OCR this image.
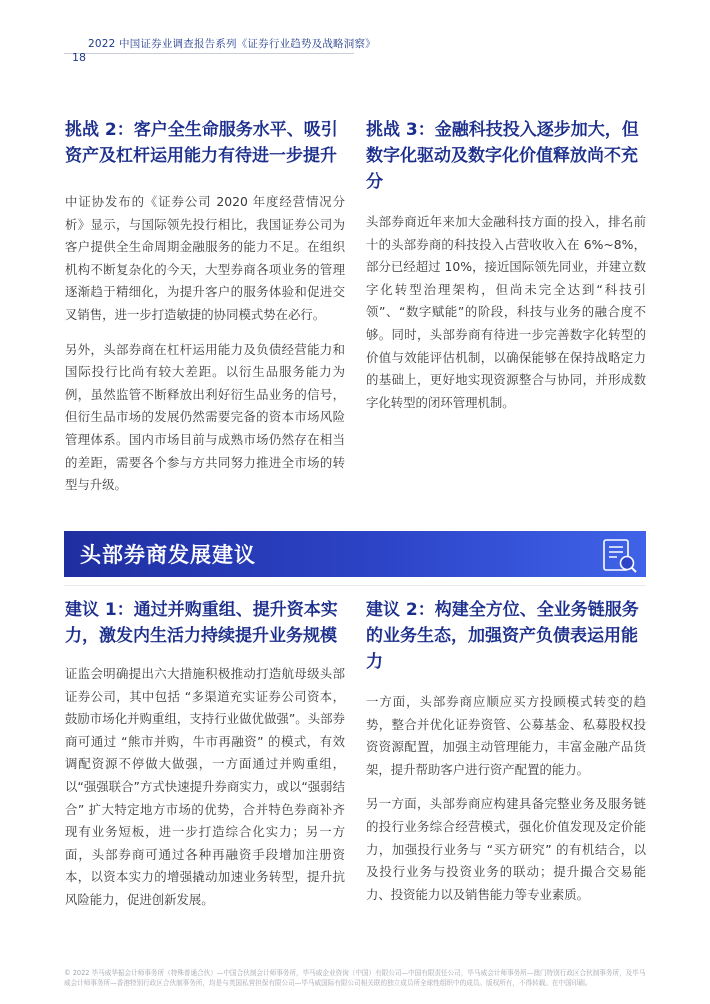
2022 中国证券业调查报告系列《证券行业趋势及战略洞察》
18
挑战 2：客户全生命服务水平、吸引资产及杠杆运用能力有待进一步提升

中证协发布的《证券公司 2020 年度经营情况分析》显示，与国际领先投行相比，我国证券公司为客户提供全生命周期金融服务的能力不足。在组织机构不断复杂化的今天，大型券商各项业务的管理逐渐趋于精细化，为提升客户的服务体验和促进交叉销售，进一步打造敏捷的协同模式势在必行。

另外，头部券商在杠杆运用能力及负债经营能力和国际投行比尚有较大差距。以衍生品服务能力为例，虽然监管不断释放出利好衍生品业务的信号，但衍生品市场的发展仍然需要完备的资本市场风险管理体系。国内市场目前与成熟市场仍然存在相当的差距，需要各个参与方共同努力推进全市场的转型与升级。

挑战 3：金融科技投入逐步加大，但数字化驱动及数字化价值释放尚不充分

头部券商近年来加大金融科技方面的投入，排名前十的头部券商的科技投入占营收收入在 6%~8%，部分已经超过 10%，接近国际领先同业，并建立数字化转型治理架构，但尚未完全达到“科技引领”、“数字赋能”的阶段，科技与业务的融合度不够。同时，头部券商有待进一步完善数字化转型的价值与效能评估机制，以确保能够在保持战略定力的基础上，更好地实现资源整合与协同，并形成数字化转型的闭环管理机制。

头部券商发展建议
建议 1：通过并购重组、提升资本实力，激发内生活力持续提升业务规模

证监会明确提出六大措施积极推动打造航母级头部证券公司，其中包括 “多渠道充实证券公司资本，鼓励市场化并购重组，支持行业做优做强”。头部券商可通过 “熊市并购，牛市再融资” 的模式，有效调配资源不停做大做强，一方面通过并购重组，以“强强联合”方式快速提升券商实力，或以“强弱结合” 扩大特定地方市场的优势，合并特色券商补齐现有业务短板，进一步打造综合化实力；另一方面，头部券商可通过各种再融资手段增加注册资本，以资本实力的增强撬动加速业务转型，提升抗风险能力，促进创新发展。

建议 2：构建全方位、全业务链服务的业务生态，加强资产负债表运用能力

一方面，头部券商应顺应买方投顾模式转变的趋势，整合并优化证券资管、公募基金、私募股权投资资源配置，加强主动管理能力，丰富金融产品货架，提升帮助客户进行资产配置的能力。

另一方面，头部券商应构建具备完整业务及服务链的投行业务综合经营模式，强化价值发现及定价能力，加强投行业务与 “买方研究” 的有机结合，以及投行业务与投资业务的联动；提升撮合交易能力、投资能力以及销售能力等专业素质。

© 2022 毕马威华振会计师事务所（特殊普通合伙）—中国合伙制会计师事务所，毕马威企业咨询（中国）有限公司—中国有限责任公司，毕马威会计师事务所—澳门特别行政区合伙制事务所，及毕马威会计师事务所—香港特别行政区合伙制事务所，均是与英国私营担保有限公司—毕马威国际有限公司相关联的独立成员所全球性组织中的成员。版权所有，不得转载。在中国印刷。
